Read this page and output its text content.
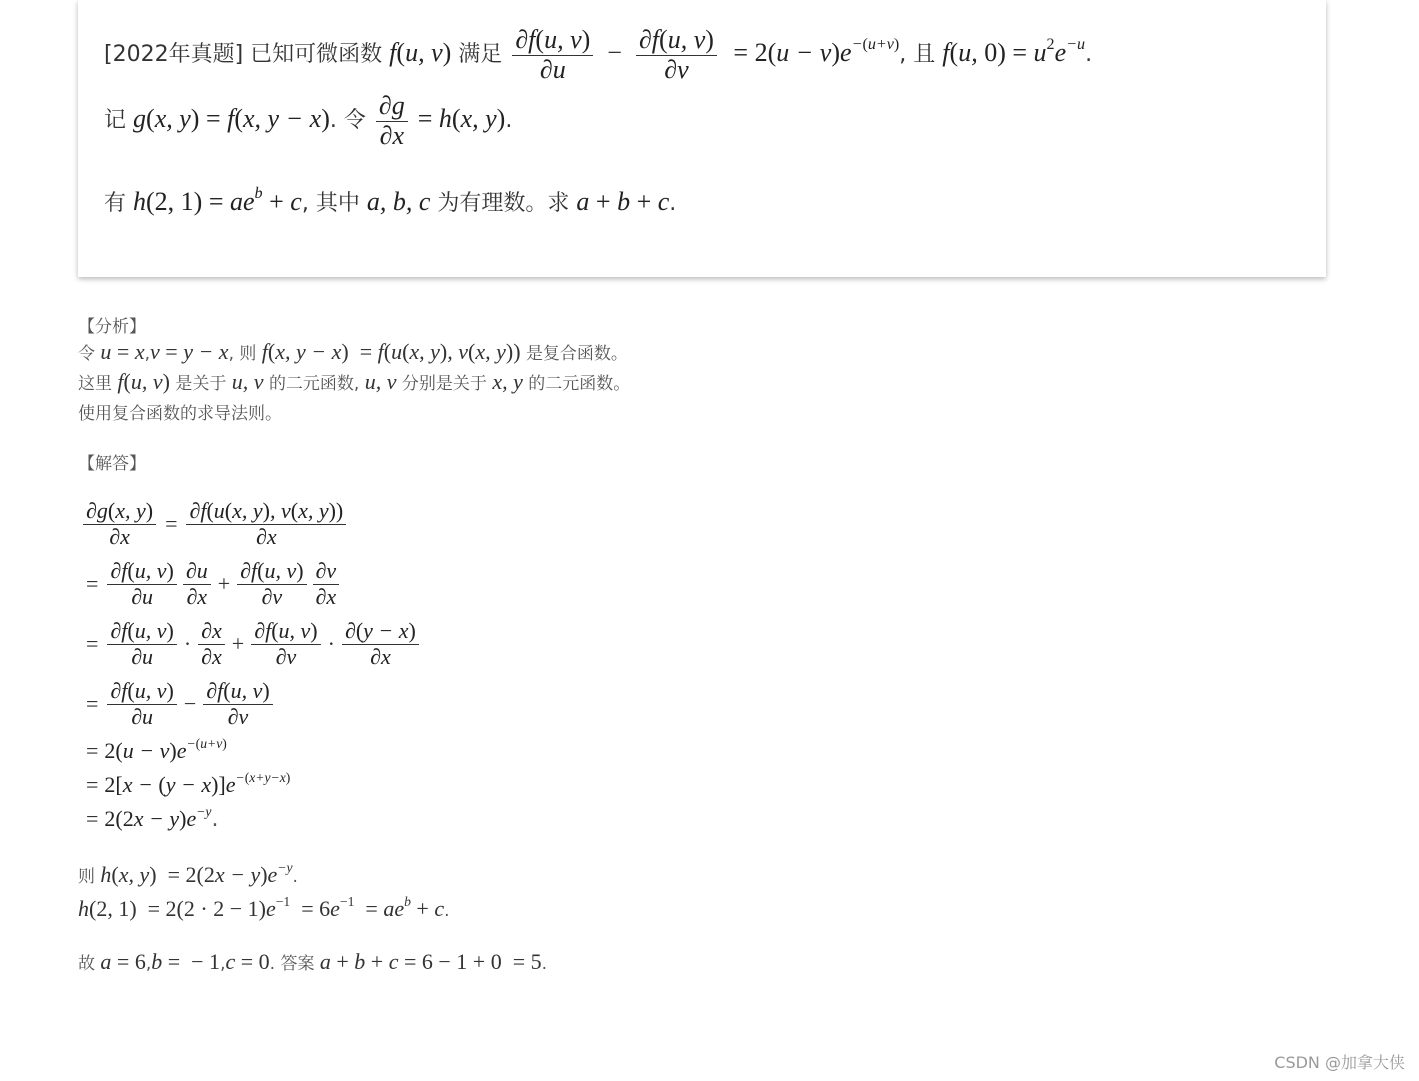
[2022年真题] 已知可微函数 f(u, v) 满足 $\frac{\partial f(u, v)}{\partial u} - \frac{\partial f(u, v)}{\partial v} = 2(u - v)e^{-(u+v)}$, 且 f(u, $0) = u^2e^{-u}$.
记 g(x, y) = f(x, y − x). 令 $\frac{\partial g}{\partial x} = h(x$, y).
有 h(2, $1) = ae^b + c$, 其中 a, b, c 为有理数。求 a + b + c.
【分析】
令 u = x,v = y − x, 则 f(x, y − x)  = f(u(x, y), v(x, y)) 是复合函数。
这里 f(u, v) 是关于 u, v 的二元函数, u, v 分别是关于 x, y 的二元函数。
使用复合函数的求导法则。
【解答】
$\frac{\partial g(x, y)}{\partial x} = \frac{\partial f(u(x, y), v(x, y))}{\partial x}$
= $\frac{\partial f(u, v)}{\partial u} \frac{\partial u}{\partial x} + \frac{\partial f(u, v)}{\partial v} \frac{\partial v}{\partial x}$
= $\frac{\partial f(u, v)}{\partial u} \cdot \frac{\partial x}{\partial x} + \frac{\partial f(u, v)}{\partial v} \cdot \frac{\partial(y - x)}{\partial x}$
= $\frac{\partial f(u, v)}{\partial u} - \frac{\partial f(u, v)}{\partial v}$
= $2(u - v)e^{-(u+v)}$
= $2[x - (y - x)]e^{-(x+y-x)}$
= $2(2x - y)e^{-y}$ .
则 h(x, $y) = 2(2x - y)e^{-y}$.
h(2, $1) = 2(2 \cdot 2 - 1)e^{-1} = 6e^{-1} = ae^b + c$.
故 a = 6,b =  − 1,c = 0. 答案 a + b + c = 6 − 1 + 0  = 5.
CSDN @加拿大侠
